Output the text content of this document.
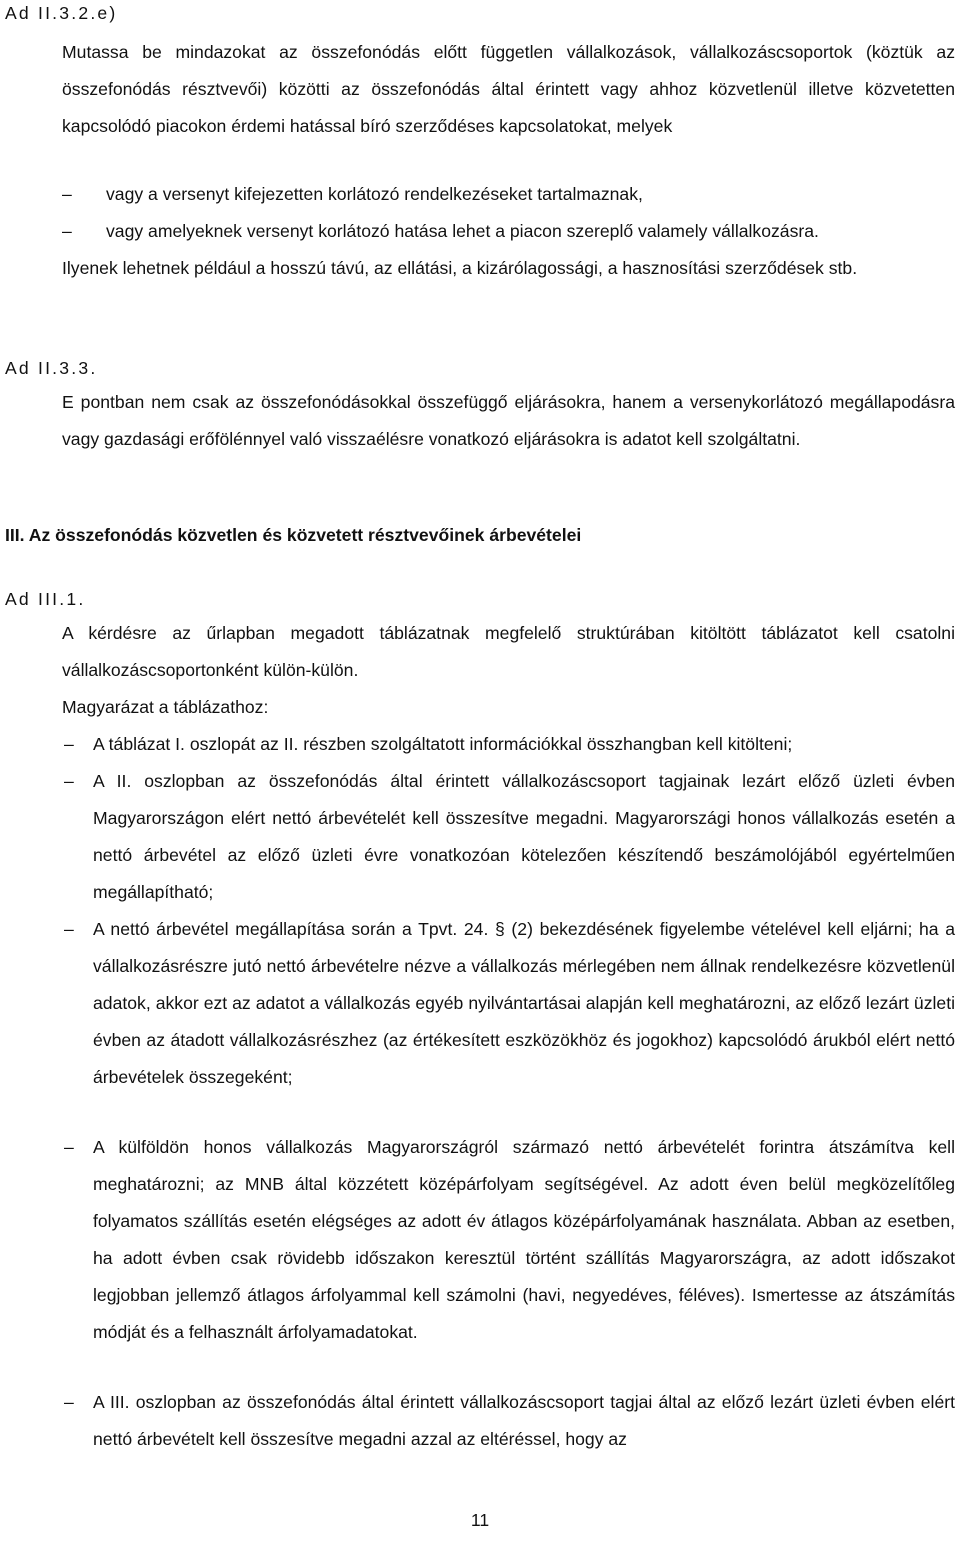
Ad II.3.2.e)

Mutassa be mindazokat az összefonódás előtt független vállalkozások, vállalkozáscsoportok (köztük az összefonódás résztvevői) közötti az összefonódás által érintett vagy ahhoz közvetlenül illetve közvetetten kapcsolódó piacokon érdemi hatással bíró szerződéses kapcsolatokat, melyek

– vagy a versenyt kifejezetten korlátozó rendelkezéseket tartalmaznak,
– vagy amelyeknek versenyt korlátozó hatása lehet a piacon szereplő valamely vállalkozásra.

Ilyenek lehetnek például a hosszú távú, az ellátási, a kizárólagossági, a hasznosítási szerződések stb.

Ad II.3.3.

E pontban nem csak az összefonódásokkal összefüggő eljárásokra, hanem a versenykorlátozó megállapodásra vagy gazdasági erőfölénnyel való visszaélésre vonatkozó eljárásokra is adatot kell szolgáltatni.

III. Az összefonódás közvetlen és közvetett résztvevőinek árbevételei

Ad III.1.

A kérdésre az űrlapban megadott táblázatnak megfelelő struktúrában kitöltött táblázatot kell csatolni vállalkozáscsoportonként külön-külön.

Magyarázat a táblázathoz:

– A táblázat I. oszlopát az II. részben szolgáltatott információkkal összhangban kell kitölteni;
– A II. oszlopban az összefonódás által érintett vállalkozáscsoport tagjainak lezárt előző üzleti évben Magyarországon elért nettó árbevételét kell összesítve megadni. Magyarországi honos vállalkozás esetén a nettó árbevétel az előző üzleti évre vonatkozóan kötelezően készítendő beszámolójából egyértelműen megállapítható;
– A nettó árbevétel megállapítása során a Tpvt. 24. § (2) bekezdésének figyelembe vételével kell eljárni; ha a vállalkozásrészre jutó nettó árbevételre nézve a vállalkozás mérlegében nem állnak rendelkezésre közvetlenül adatok, akkor ezt az adatot a vállalkozás egyéb nyilvántartásai alapján kell meghatározni, az előző lezárt üzleti évben az átadott vállalkozásrészhez (az értékesített eszközökhöz és jogokhoz) kapcsolódó árukból elért nettó árbevételek összegeként;
– A külföldön honos vállalkozás Magyarországról származó nettó árbevételét forintra átszámítva kell meghatározni; az MNB által közzétett középárfolyam segítségével. Az adott éven belül megközelítőleg folyamatos szállítás esetén elégséges az adott év átlagos középárfolyamának használata. Abban az esetben, ha adott évben csak rövidebb időszakon keresztül történt szállítás Magyarországra, az adott időszakot legjobban jellemző átlagos árfolyammal kell számolni (havi, negyedéves, féléves). Ismertesse az átszámítás módját és a felhasznált árfolyamadatokat.
– A III. oszlopban az összefonódás által érintett vállalkozáscsoport tagjai által az előző lezárt üzleti évben elért nettó árbevételt kell összesítve megadni azzal az eltéréssel, hogy az

11
